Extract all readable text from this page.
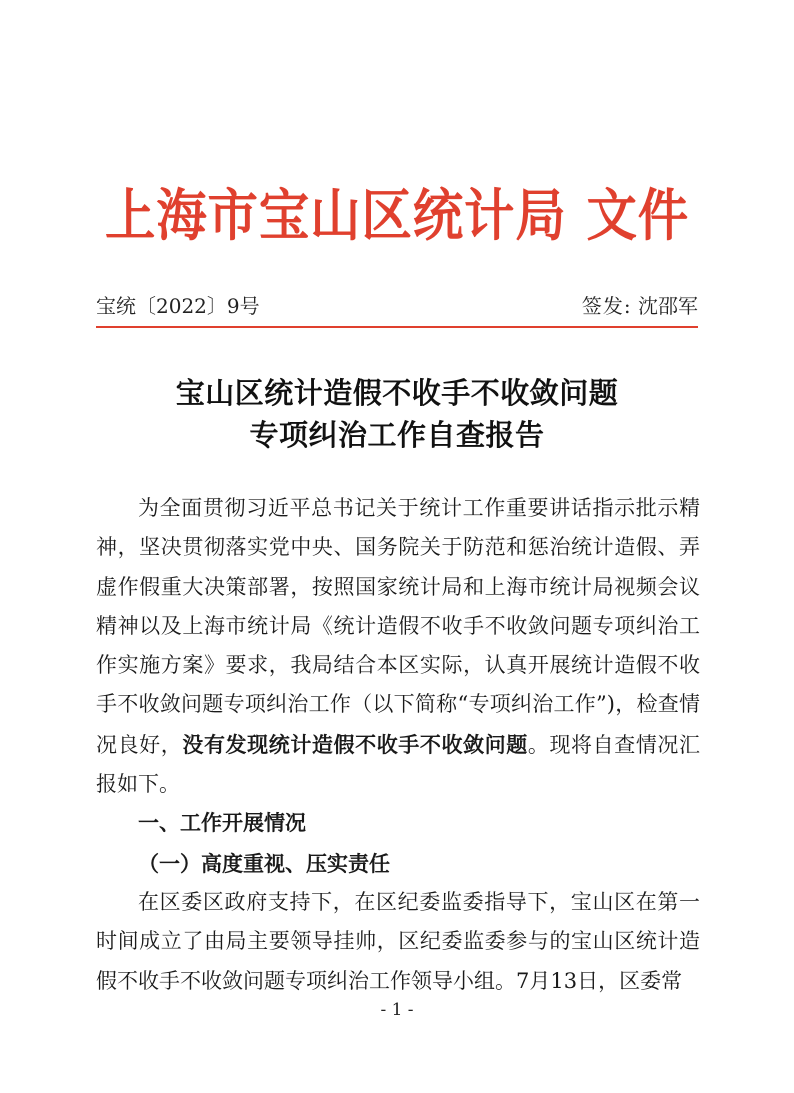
上海市宝山区统计局 文件
宝统〔2022〕9号	签发: 沈邵军
宝山区统计造假不收手不收敛问题
专项纠治工作自查报告

为全面贯彻习近平总书记关于统计工作重要讲话指示批示精神，坚决贯彻落实党中央、国务院关于防范和惩治统计造假、弄虚作假重大决策部署，按照国家统计局和上海市统计局视频会议精神以及上海市统计局《统计造假不收手不收敛问题专项纠治工作实施方案》要求，我局结合本区实际，认真开展统计造假不收手不收敛问题专项纠治工作（以下简称“专项纠治工作”)，检查情况良好，没有发现统计造假不收手不收敛问题。现将自查情况汇报如下。

一、工作开展情况
（一）高度重视、压实责任

在区委区政府支持下，在区纪委监委指导下，宝山区在第一时间成立了由局主要领导挂帅，区纪委监委参与的宝山区统计造假不收手不收敛问题专项纠治工作领导小组。7月13日，区委常

- 1 -
